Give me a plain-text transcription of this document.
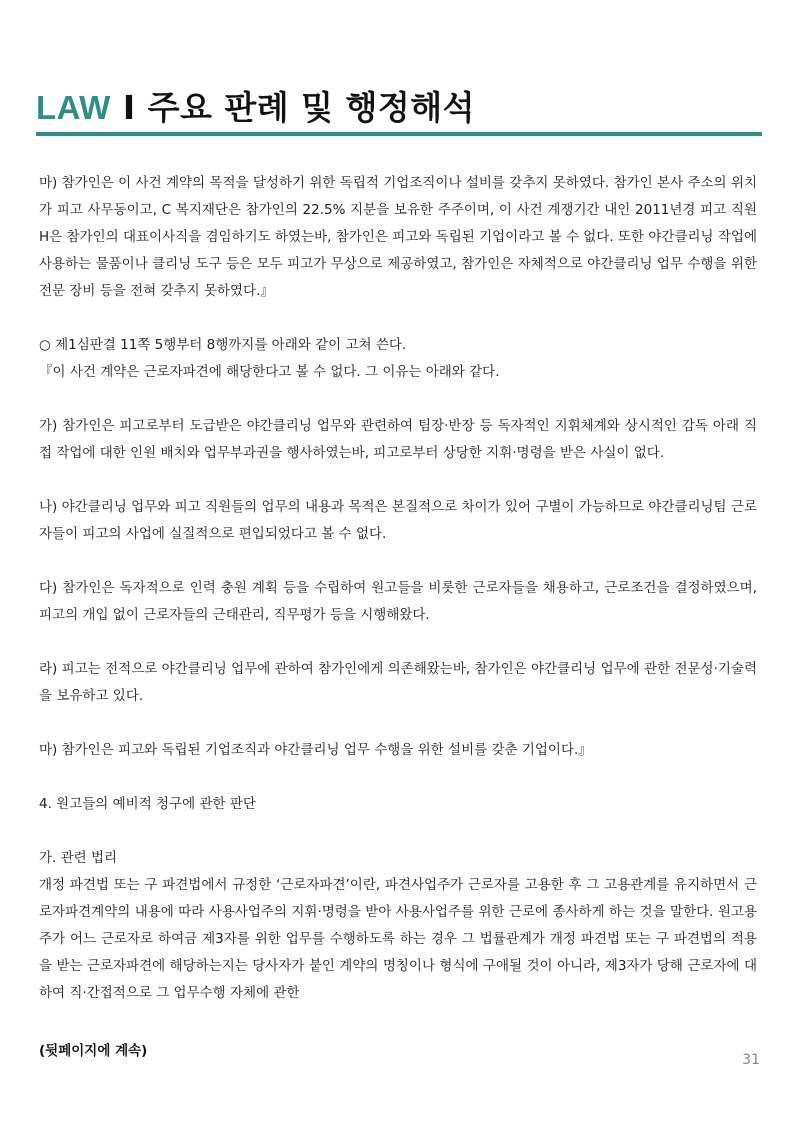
LAW I 주요 판례 및 행정해석

마) 참가인은 이 사건 계약의 목적을 달성하기 위한 독립적 기업조직이나 설비를 갖추지 못하였다. 참가인 본사 주소의 위치가 피고 사무동이고, C 복지재단은 참가인의 22.5% 지분을 보유한 주주이며, 이 사건 계쟁기간 내인 2011년경 피고 직원 H은 참가인의 대표이사직을 겸임하기도 하였는바, 참가인은 피고와 독립된 기업이라고 볼 수 없다. 또한 야간클리닝 작업에 사용하는 물품이나 클리닝 도구 등은 모두 피고가 무상으로 제공하였고, 참가인은 자체적으로 야간클리닝 업무 수행을 위한 전문 장비 등을 전혀 갖추지 못하였다.』

○ 제1심판결 11쪽 5행부터 8행까지를 아래와 같이 고쳐 쓴다.

『이 사건 계약은 근로자파견에 해당한다고 볼 수 없다. 그 이유는 아래와 같다.

가) 참가인은 피고로부터 도급받은 야간클리닝 업무와 관련하여 팀장·반장 등 독자적인 지휘체계와 상시적인 감독 아래 직접 작업에 대한 인원 배치와 업무부과권을 행사하였는바, 피고로부터 상당한 지휘·명령을 받은 사실이 없다.

나) 야간클리닝 업무와 피고 직원들의 업무의 내용과 목적은 본질적으로 차이가 있어 구별이 가능하므로 야간클리닝팀 근로자들이 피고의 사업에 실질적으로 편입되었다고 볼 수 없다.

다) 참가인은 독자적으로 인력 충원 계획 등을 수립하여 원고들을 비롯한 근로자들을 채용하고, 근로조건을 결정하였으며, 피고의 개입 없이 근로자들의 근태관리, 직무평가 등을 시행해왔다.

라) 피고는 전적으로 야간클리닝 업무에 관하여 참가인에게 의존해왔는바, 참가인은 야간클리닝 업무에 관한 전문성·기술력을 보유하고 있다.

마) 참가인은 피고와 독립된 기업조직과 야간클리닝 업무 수행을 위한 설비를 갖춘 기업이다.』

4. 원고들의 예비적 청구에 관한 판단

가. 관련 법리

개정 파견법 또는 구 파견법에서 규정한 ‘근로자파견’이란, 파견사업주가 근로자를 고용한 후 그 고용관계를 유지하면서 근로자파견계약의 내용에 따라 사용사업주의 지휘·명령을 받아 사용사업주를 위한 근로에 종사하게 하는 것을 말한다. 원고용주가 어느 근로자로 하여금 제3자를 위한 업무를 수행하도록 하는 경우 그 법률관계가 개정 파견법 또는 구 파견법의 적용을 받는 근로자파견에 해당하는지는 당사자가 붙인 계약의 명칭이나 형식에 구애될 것이 아니라, 제3자가 당해 근로자에 대하여 직·간접적으로 그 업무수행 자체에 관한

(뒷페이지에 계속)
31
